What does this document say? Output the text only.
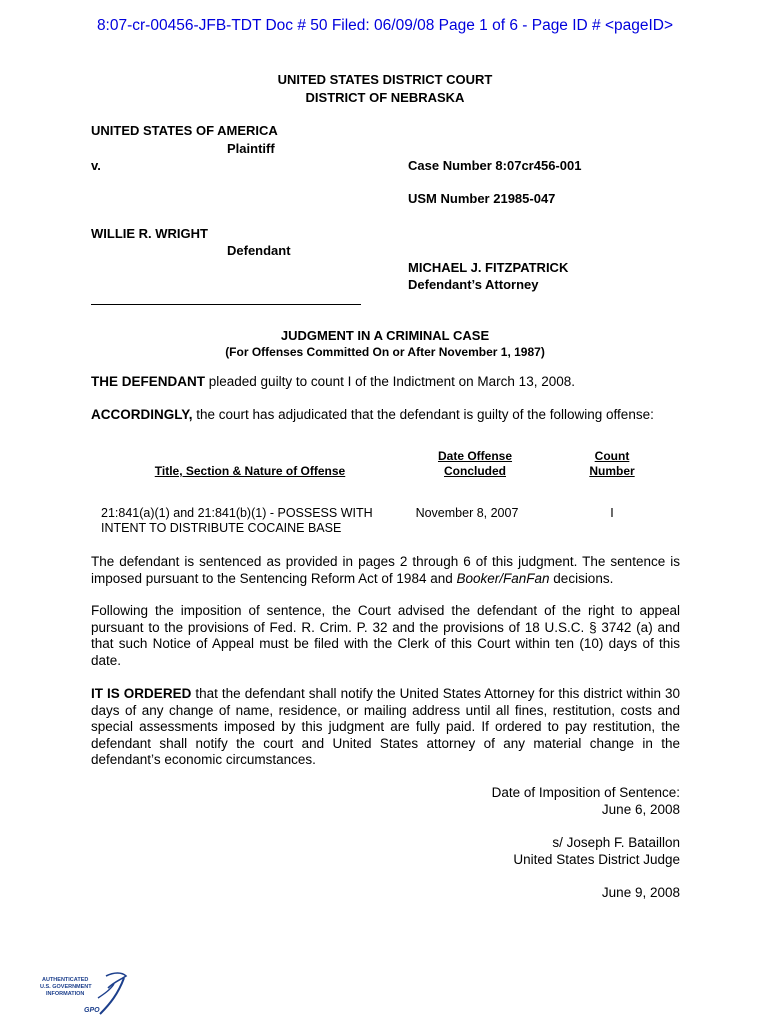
8:07-cr-00456-JFB-TDT Doc # 50 Filed: 06/09/08 Page 1 of 6 - Page ID # <pageID>
UNITED STATES DISTRICT COURT
DISTRICT OF NEBRASKA
UNITED STATES OF AMERICA
Plaintiff
v.	Case Number 8:07cr456-001
USM Number 21985-047
WILLIE R. WRIGHT
Defendant
MICHAEL J. FITZPATRICK
Defendant’s Attorney
JUDGMENT IN A CRIMINAL CASE
(For Offenses Committed On or After November 1, 1987)

THE DEFENDANT pleaded guilty to count I of the Indictment on March 13, 2008.

ACCORDINGLY, the court has adjudicated that the defendant is guilty of the following offense:

Title, Section & Nature of Offense
Date Offense
Concluded
Count
Number
21:841(a)(1) and 21:841(b)(1) - POSSESS WITH
INTENT TO DISTRIBUTE COCAINE BASE
November 8, 2007	I

The defendant is sentenced as provided in pages 2 through 6 of this judgment. The sentence is imposed pursuant to the Sentencing Reform Act of 1984 and Booker/FanFan decisions.

Following the imposition of sentence, the Court advised the defendant of the right to appeal pursuant to the provisions of Fed. R. Crim. P. 32 and the provisions of 18 U.S.C. § 3742 (a) and that such Notice of Appeal must be filed with the Clerk of this Court within ten (10) days of this date.

IT IS ORDERED that the defendant shall notify the United States Attorney for this district within 30 days of any change of name, residence, or mailing address until all fines, restitution, costs and special assessments imposed by this judgment are fully paid. If ordered to pay restitution, the defendant shall notify the court and United States attorney of any material change in the defendant’s economic circumstances.

Date of Imposition of Sentence:
June 6, 2008
s/ Joseph F. Bataillon
United States District Judge
June 9, 2008
AUTHENTICATED
U.S. GOVERNMENT
INFORMATION
GPO
